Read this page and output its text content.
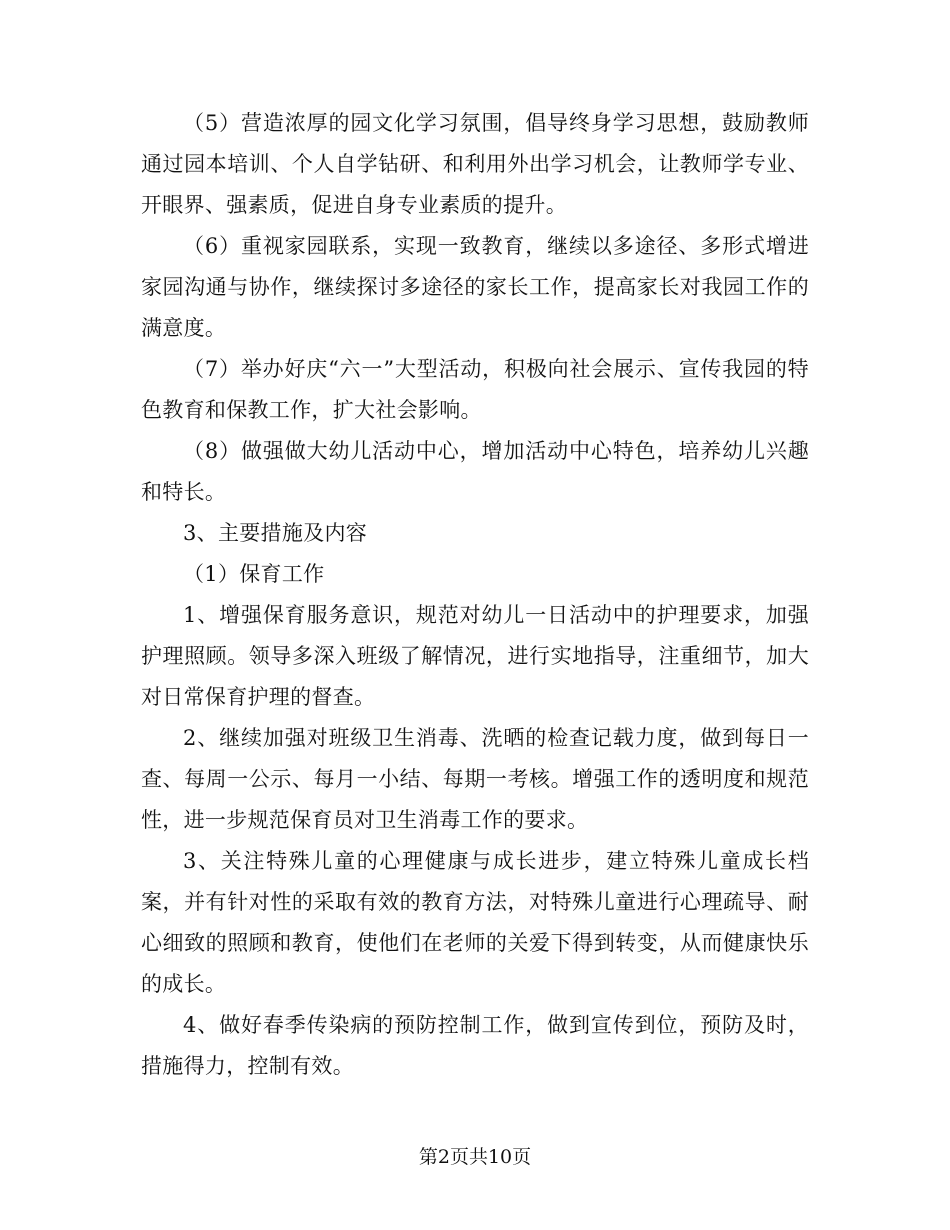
（5）营造浓厚的园文化学习氛围，倡导终身学习思想，鼓励教师通过园本培训、个人自学钻研、和利用外出学习机会，让教师学专业、开眼界、强素质，促进自身专业素质的提升。

（6）重视家园联系，实现一致教育，继续以多途径、多形式增进家园沟通与协作，继续探讨多途径的家长工作，提高家长对我园工作的满意度。

（7）举办好庆“六一”大型活动，积极向社会展示、宣传我园的特色教育和保教工作，扩大社会影响。

（8）做强做大幼儿活动中心，增加活动中心特色，培养幼儿兴趣和特长。

3、主要措施及内容

（1）保育工作

1、增强保育服务意识，规范对幼儿一日活动中的护理要求，加强护理照顾。领导多深入班级了解情况，进行实地指导，注重细节，加大对日常保育护理的督查。

2、继续加强对班级卫生消毒、洗晒的检查记载力度，做到每日一查、每周一公示、每月一小结、每期一考核。增强工作的透明度和规范性，进一步规范保育员对卫生消毒工作的要求。

3、关注特殊儿童的心理健康与成长进步，建立特殊儿童成长档案，并有针对性的采取有效的教育方法，对特殊儿童进行心理疏导、耐心细致的照顾和教育，使他们在老师的关爱下得到转变，从而健康快乐的成长。

4、做好春季传染病的预防控制工作，做到宣传到位，预防及时，措施得力，控制有效。

第2页共10页
